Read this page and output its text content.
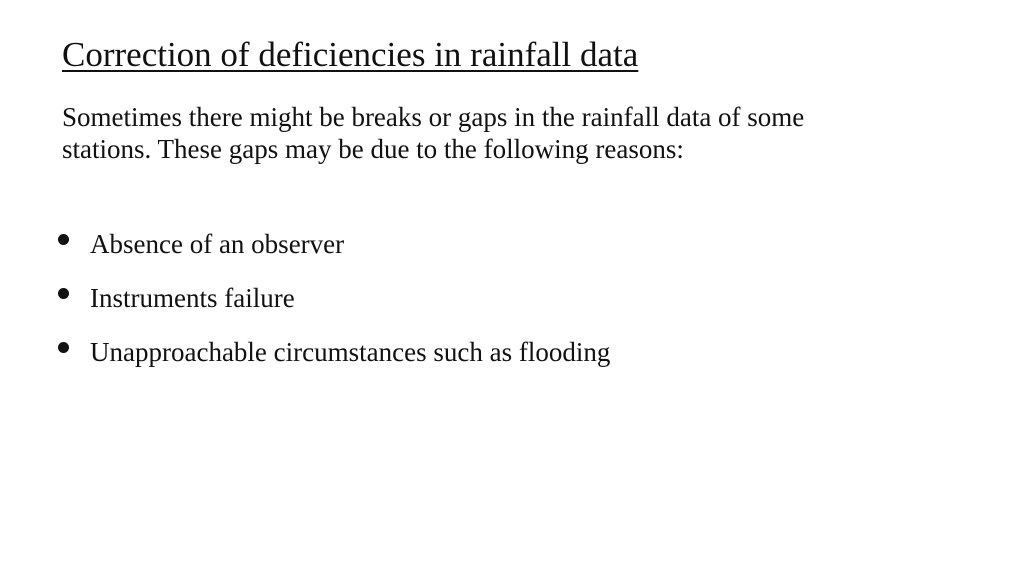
Correction of deficiencies in rainfall data

Sometimes there might be breaks or gaps in the rainfall data of some
stations. These gaps may be due to the following reasons:

Absence of an observer
Instruments failure
Unapproachable circumstances such as flooding
